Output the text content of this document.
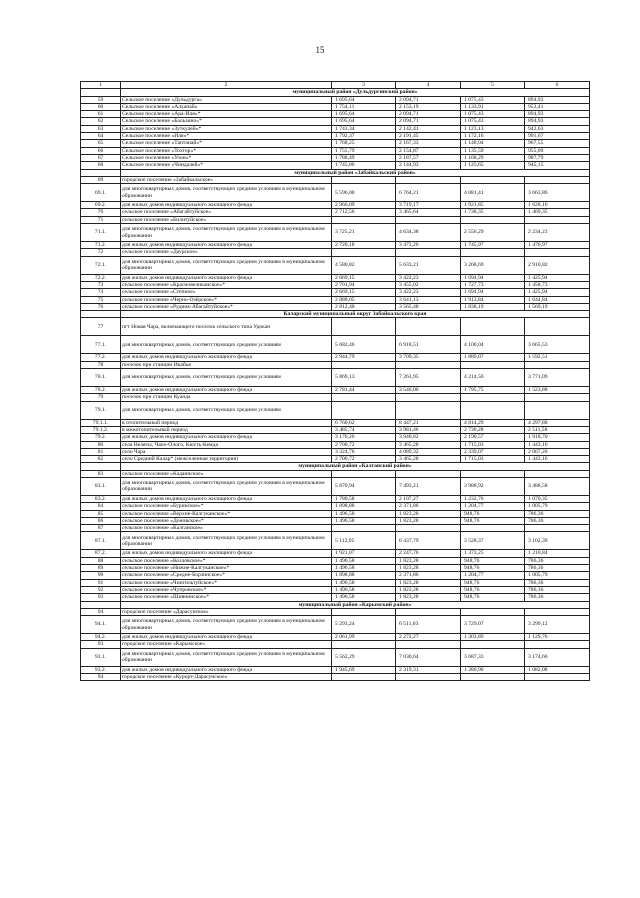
15
1	2	3	4	5	6
	муниципальный район «Дульдургинский район»				
59	Сельское поселение «Дульдурга»	1 695,64	2 094,71	1 075,43	894,93
60	Сельское поселение «Алханай»	1 754,11	2 153,19	1 133,91	953,41
61	Сельское поселение «Ара-Иля»*	1 695,64	2 094,71	1 075,43	894,93
62	Сельское поселение «Бальзино»*	1 695,64	2 094,71	1 075,43	894,93
63	Сельское поселение «Зуткулей»*	1 743,34	2 142,41	1 123,13	942,63
64	Сельское поселение «Иля»*	1 792,37	2 191,45	1 172,16	991,67
65	Сельское поселение «Таптанай»*	1 768,25	2 167,33	1 148,04	967,55
66	Сельское поселение «Тохтор»*	1 755,79	2 154,87	1 135,59	955,09
67	Сельское поселение «Узон»*	1 788,49	2 187,57	1 168,29	987,79
68	Сельское поселение «Чиндалей»*	1 745,86	2 144,93	1 125,65	945,15
	муниципальный район «Забайкальский район»				
69	городское поселение «Забайкальское»				
69.1.	для многоквартирных домов, соответствующих средним условиям в муниципальном образовании	5 596,00	6 764,21	4 081,41	3 663,86
69.2.	для жилых домов индивидуального жилищного фонда	2 966,09	3 719,17	1 921,85	1 628,16
70	сельское поселение «Абагайтуйское»	2 712,56	3 465,64	1 738,35	1 469,35
71	сельское поселение «Билитуйское»				
71.1.	для многоквартирных домов, соответствующих средним условиям в муниципальном образовании	3 725,21	4 634,38	2 556,29	2 234,23
71.2.	для жилых домов индивидуального жилищного фонда	2 720,18	3 473,26	1 745,97	1 476,97
72	сельское поселение «Даурское»				
72.1.	для многоквартирных домов, соответствующих средним условиям в муниципальном образовании	4 580,82	5 633,21	3 268,69	2 910,82
72.2.	для жилых домов индивидуального жилищного фонда	2 669,15	3 422,23	1 694,94	1 425,94
73	сельское поселение «Красновеликанское»*	2 701,94	3 455,02	1 727,73	1 458,73
74	сельское поселение «Степное»	2 669,15	3 422,23	1 694,94	1 425,94
75	сельское поселение «Черно-Озёрское»*	2 888,05	3 641,13	1 913,84	1 644,84
76	сельское поселение «Рудник-Абагайтуйское»*	2 812,40	3 565,48	1 838,19	1 569,19
	Каларский муниципальный округ Забайкальского края				
77	пгт Новая Чара, включающего поселок сельского типа Удокан				
77.1.	для многоквартирных домов, соответствующих средним условиям	5 682,46	6 918,51	4 100,04	3 665,53
77.2.	для жилых домов индивидуального жилищного фонда	2 944,79	3 709,35	1 889,07	1 592,51
78	поселок при станции Икабья				
78.1.	для многоквартирных домов, соответствующих средним условиям	5 869,13	7 263,95	4 214,56	3 771,09
78.2.	для жилых домов индивидуального жилищного фонда	2 781,44	3 546,00	1 795,75	1 523,88
79	поселок при станции Куанда				
79.1.	для многоквартирных домов, соответствующих средним условиям				
79.1.1.	в отопительный период	6 760,62	8 447,21	4 814,29	4 297,88
79.1.2.	в межотопительный период	3 485,74	3 981,46	2 730,28	2 511,58
79.2.	для жилых домов индивидуального жилищного фонда	3 176,26	3 940,82	2 190,57	1 918,70
80	села Неляты, Чапо-Ологo, Кюсть-Кемда	2 700,72	3 465,28	1 715,03	1 443,16
81	село Чара	3 324,76	4 089,32	2 339,07	2 067,20
82	село Средний Калар* (межселенная территория)	2 700,72	3 465,28	1 715,03	1 443,16
	муниципальный район «Калганский район»				
83	сельское поселение «Кадаинское»				
83.1.	для многоквартирных домов, соответствующих средним условиям в муниципальном образовании	5 870,94	7 493,21	3 988,92	3 488,58
83.2.	для жилых домов индивидуального жилищного фонда	1 780,58	2 107,27	1 232,76	1 070,35
84	сельское поселение «Буринское»*	1 898,88	2 371,86	1 204,77	1 005,79
85	сельское поселение «Верхне-Калгуканское»*	1 496,58	1 823,28	948,76	786,36
86	сельское поселение «Доновское»*	1 496,58	1 823,28	948,76	786,36
87	сельское поселение «Калганское»				
87.1.	для многоквартирных домов, соответствующих средним условиям в муниципальном образовании	5 112,95	6 437,79	3 528,37	3 102,39
87.2.	для жилых домов индивидуального жилищного фонда	1 921,07	2 247,76	1 373,25	1 210,84
88	сельское поселение «Козловское»*	1 496,58	1 823,28	948,76	786,36
89	сельское поселение «Нижне-Калгуканское»*	1 496,58	1 823,28	948,76	786,36
90	сельское поселение «Средне-Борзинское»*	1 898,88	2 371,86	1 204,77	1 005,79
91	сельское поселение «Чингильтуйское»*	1 496,58	1 823,28	948,76	786,36
92	сельское поселение «Чупровское»*	1 496,58	1 823,28	948,76	786,36
93	сельское поселение «Шивиинское»*	1 496,58	1 823,28	948,76	786,36
	муниципальный район «Карымский район»				
94	городское поселение «Дарасунское»				
94.1.	для многоквартирных домов, соответствующих средним условиям в муниципальном образовании	5 293,24	6 511,03	3 729,07	3 299,12
94.2.	для жилых домов индивидуального жилищного фонда	2 061,99	2 272,27	1 303,89	1 129,76
93	городское поселение «Карымское»				
93.1.	для многоквартирных домов, соответствующих средним условиям в муниципальном образовании	5 562,29	7 030,64	3 687,33	3 174,66
93.2.	для жилых домов индивидуального жилищного фонда	1 945,69	2 319,31	1 280,90	1 082,08
94	городское поселение «Курорт-Дарасунское»				
